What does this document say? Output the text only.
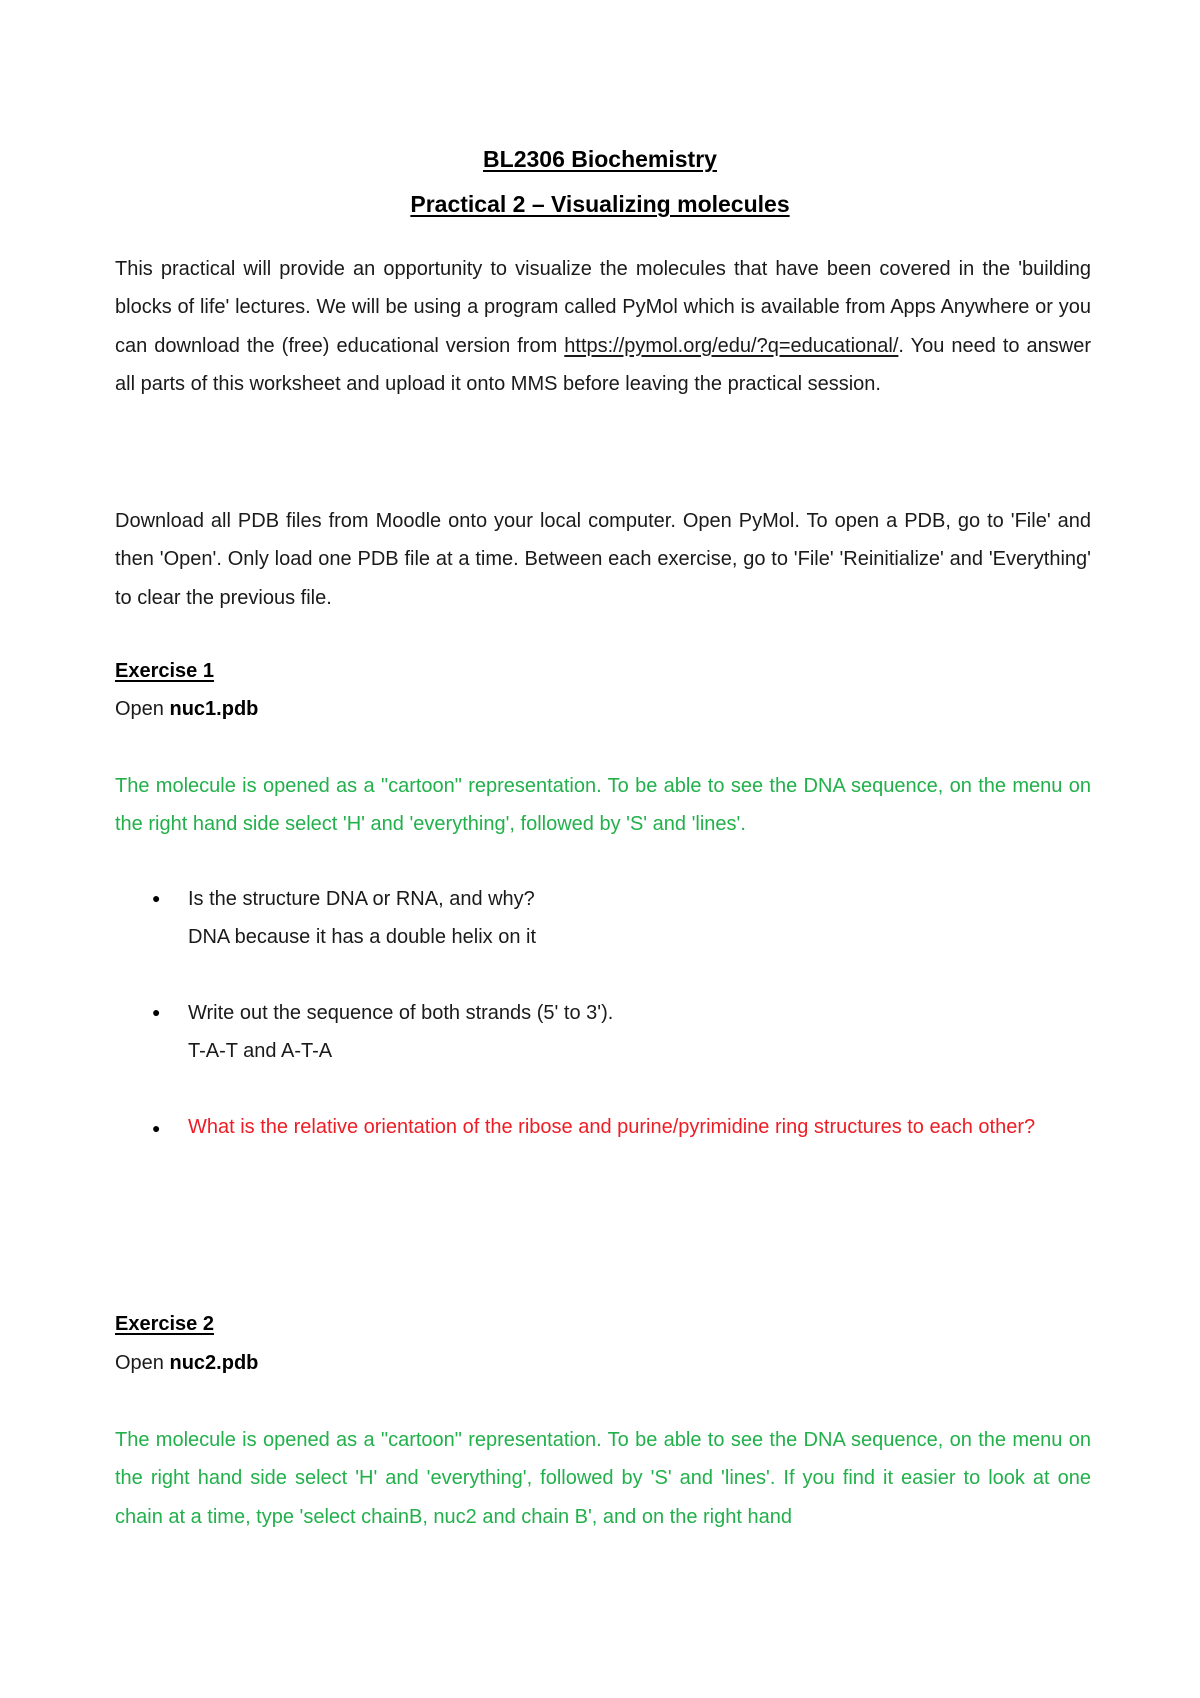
BL2306 Biochemistry
Practical 2 – Visualizing molecules

This practical will provide an opportunity to visualize the molecules that have been covered in the 'building blocks of life' lectures. We will be using a program called PyMol which is available from Apps Anywhere or you can download the (free) educational version from https://pymol.org/edu/?q=educational/. You need to answer all parts of this worksheet and upload it onto MMS before leaving the practical session.

Download all PDB files from Moodle onto your local computer. Open PyMol. To open a PDB, go to 'File' and then 'Open'. Only load one PDB file at a time. Between each exercise, go to 'File' 'Reinitialize' and 'Everything' to clear the previous file.

Exercise 1
Open nuc1.pdb

The molecule is opened as a "cartoon" representation. To be able to see the DNA sequence, on the menu on the right hand side select 'H' and 'everything', followed by 'S' and 'lines'.

● Is the structure DNA or RNA, and why?
DNA because it has a double helix on it
● Write out the sequence of both strands (5' to 3').
T-A-T and A-T-A
● What is the relative orientation of the ribose and purine/pyrimidine ring structures to each other?
Exercise 2
Open nuc2.pdb

The molecule is opened as a "cartoon" representation. To be able to see the DNA sequence, on the menu on the right hand side select 'H' and 'everything', followed by 'S' and 'lines'. If you find it easier to look at one chain at a time, type 'select chainB, nuc2 and chain B', and on the right hand
